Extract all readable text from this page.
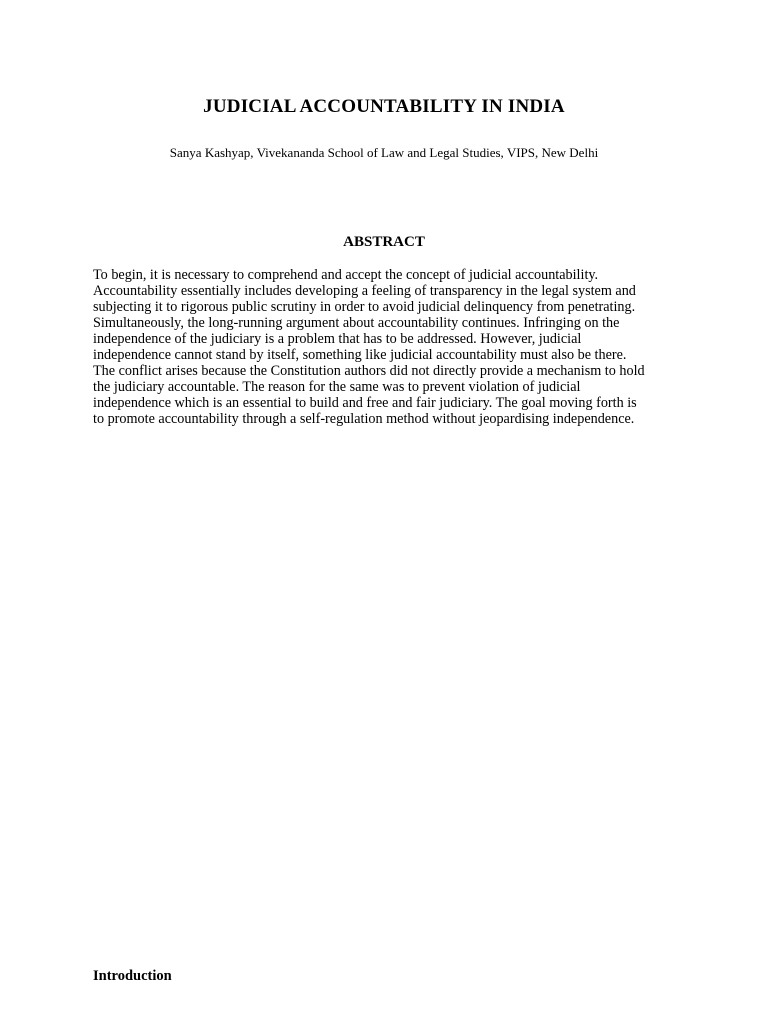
JUDICIAL ACCOUNTABILITY IN INDIA

Sanya Kashyap, Vivekananda School of Law and Legal Studies, VIPS, New Delhi

ABSTRACT

To begin, it is necessary to comprehend and accept the concept of judicial accountability.
Accountability essentially includes developing a feeling of transparency in the legal system and
subjecting it to rigorous public scrutiny in order to avoid judicial delinquency from penetrating.
Simultaneously, the long-running argument about accountability continues. Infringing on the
independence of the judiciary is a problem that has to be addressed. However, judicial
independence cannot stand by itself, something like judicial accountability must also be there.
The conflict arises because the Constitution authors did not directly provide a mechanism to hold
the judiciary accountable. The reason for the same was to prevent violation of judicial
independence which is an essential to build and free and fair judiciary. The goal moving forth is
to promote accountability through a self-regulation method without jeopardising independence.

Introduction
